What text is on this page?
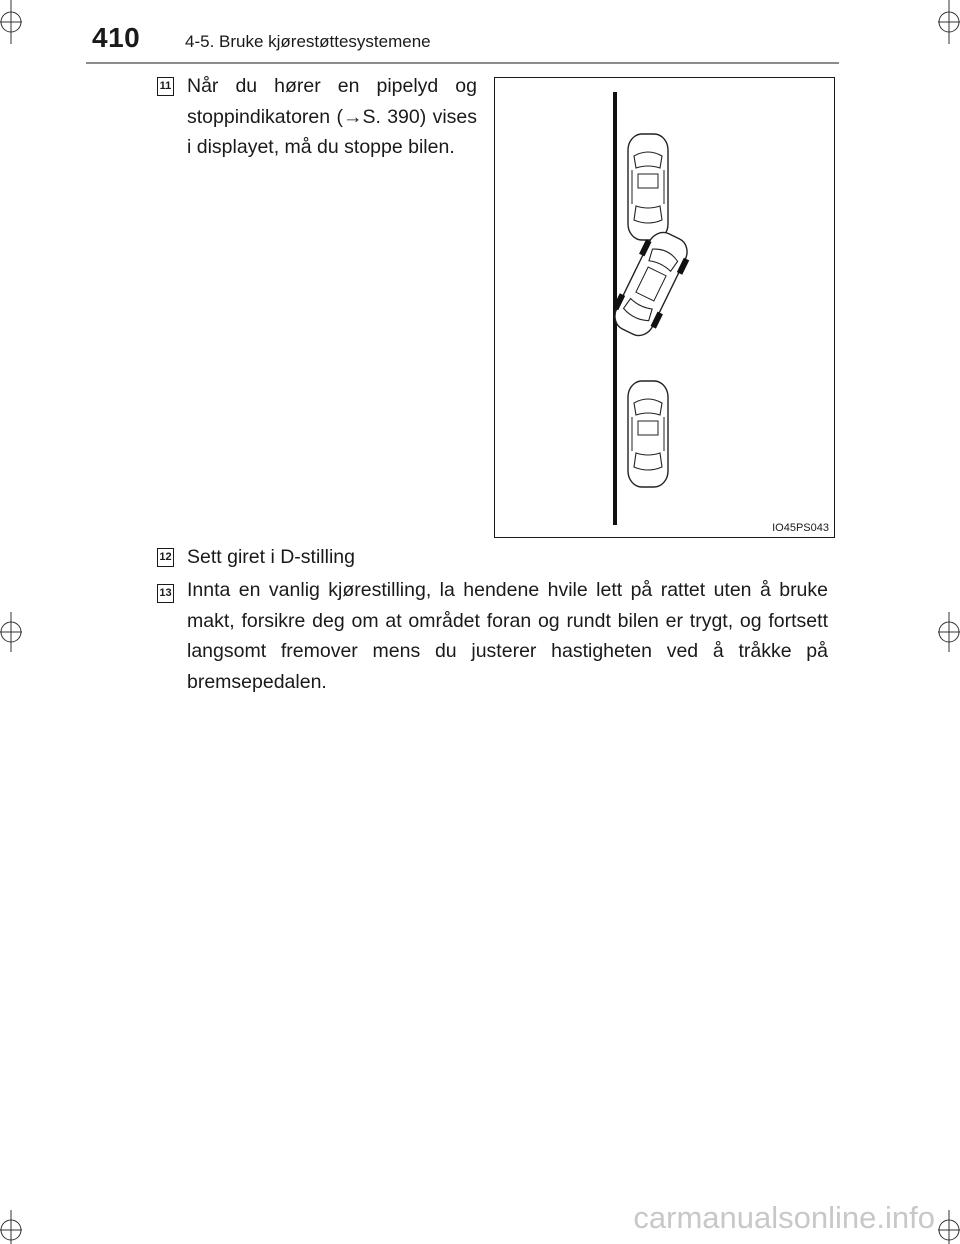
410	4-5. Bruke kjørestøttesystemene
11 Når du hører en pipelyd og stoppindikatoren (→S. 390) vises i displayet, må du stoppe bilen.
IO45PS043
12 Sett giret i D-stilling
13 Innta en vanlig kjørestilling, la hendene hvile lett på rattet uten å bruke makt, forsikre deg om at området foran og rundt bilen er trygt, og fortsett langsomt fremover mens du justerer hastigheten ved å tråkke på bremsepedalen.
carmanualsonline.info
